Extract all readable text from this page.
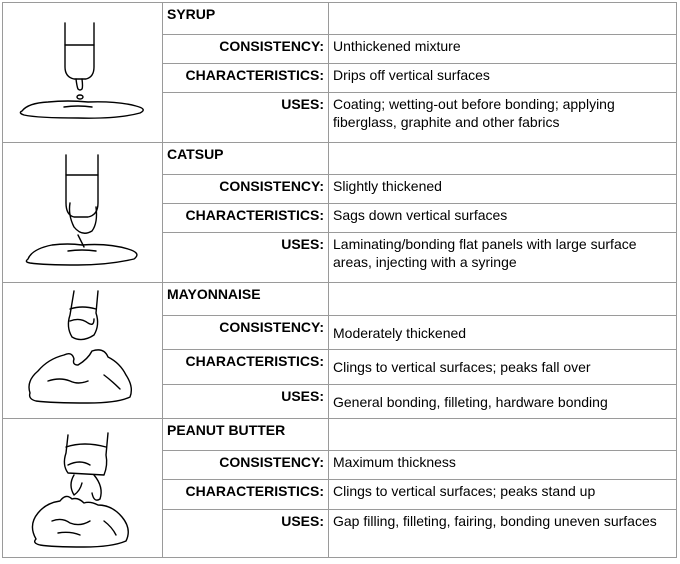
	SYRUP	
	CONSISTENCY:	Unthickened mixture
	CHARACTERISTICS:	Drips off vertical surfaces
	USES:	Coating; wetting-out before bonding; applying fiberglass, graphite and other fabrics

	CATSUP	
	CONSISTENCY:	Slightly thickened
	CHARACTERISTICS:	Sags down vertical surfaces
	USES:	Laminating/bonding flat panels with large surface areas, injecting with a syringe

	MAYONNAISE	
	CONSISTENCY:	Moderately thickened
	CHARACTERISTICS:	Clings to vertical surfaces; peaks fall over
	USES:	General bonding, filleting, hardware bonding

	PEANUT BUTTER	
	CONSISTENCY:	Maximum thickness
	CHARACTERISTICS:	Clings to vertical surfaces; peaks stand up
	USES:	Gap filling, filleting, fairing, bonding uneven surfaces
